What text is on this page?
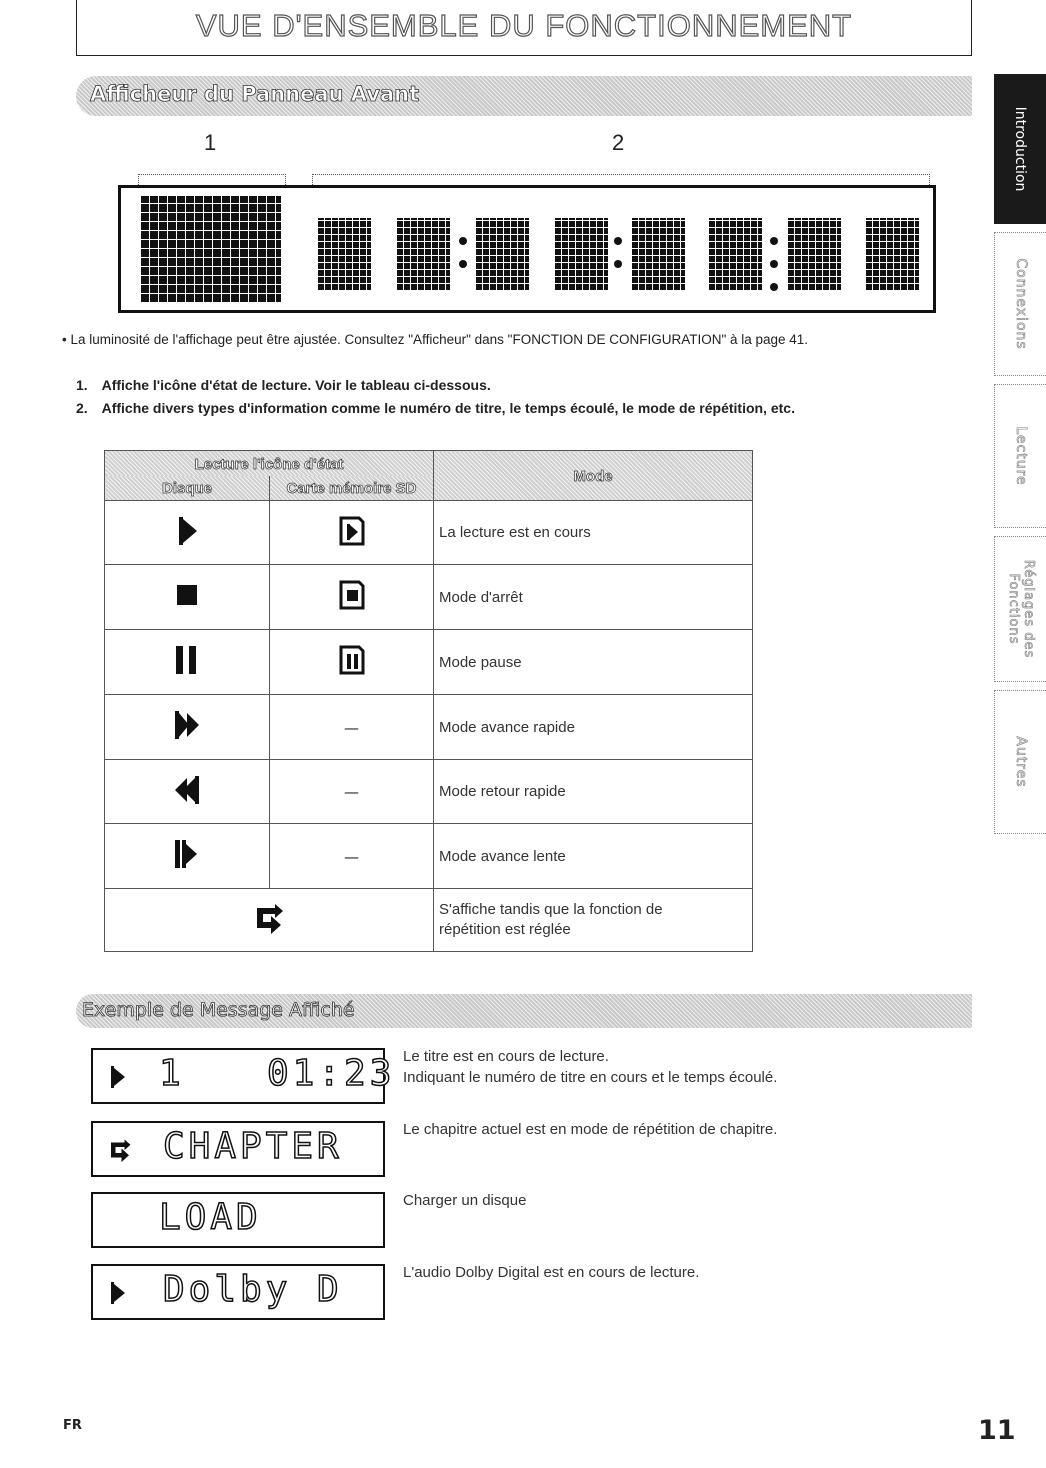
VUE D'ENSEMBLE DU FONCTIONNEMENT
Afficheur du Panneau Avant
Introduction
Connexions
Lecture
Réglages des Fonctions
Autres
1	2
• La luminosité de l'affichage peut être ajustée. Consultez "Afficheur" dans "FONCTION DE CONFIGURATION" à la page 41.
1. Affiche l'icône d'état de lecture. Voir le tableau ci-dessous.
2. Affiche divers types d'information comme le numéro de titre, le temps écoulé, le mode de répétition, etc.
Lecture l'icône d'état		Mode
Disque	Carte mémoire SD	
		La lecture est en cours
		Mode d'arrêt
		Mode pause
	—	Mode avance rapide
	—	Mode retour rapide
	—	Mode avance lente

S'affiche tandis que la fonction de
répétition est réglée
Exemple de Message Affiché
1 01:23 Le titre est en cours de lecture.
Indiquant le numéro de titre en cours et le temps écoulé.
CHAPTER	Le chapitre actuel est en mode de répétition de chapitre.
LOAD	Charger un disque
Dolby D	L'audio Dolby Digital est en cours de lecture.
FR	11
